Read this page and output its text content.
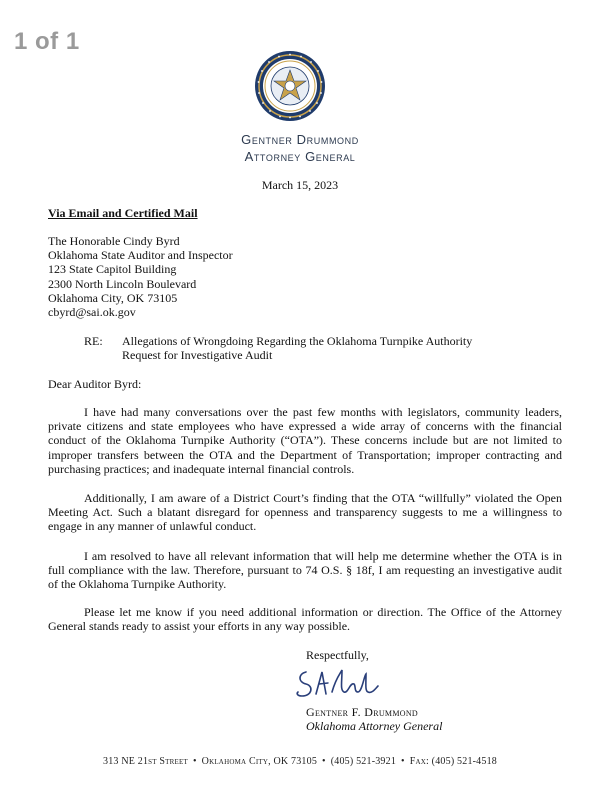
1 of 1
Gentner Drummond
Attorney General
March 15, 2023
Via Email and Certified Mail
The Honorable Cindy Byrd
Oklahoma State Auditor and Inspector
123 State Capitol Building
2300 North Lincoln Boulevard
Oklahoma City, OK 73105
cbyrd@sai.ok.gov
RE: Allegations of Wrongdoing Regarding the Oklahoma Turnpike Authority
Request for Investigative Audit
Dear Auditor Byrd:
I have had many conversations over the past few months with legislators, community leaders, private citizens and state employees who have expressed a wide array of concerns with the financial conduct of the Oklahoma Turnpike Authority (“OTA”). These concerns include but are not limited to improper transfers between the OTA and the Department of Transportation; improper contracting and purchasing practices; and inadequate internal financial controls.
Additionally, I am aware of a District Court’s finding that the OTA “willfully” violated the Open Meeting Act. Such a blatant disregard for openness and transparency suggests to me a willingness to engage in any manner of unlawful conduct.
I am resolved to have all relevant information that will help me determine whether the OTA is in full compliance with the law. Therefore, pursuant to 74 O.S. § 18f, I am requesting an investigative audit of the Oklahoma Turnpike Authority.
Please let me know if you need additional information or direction. The Office of the Attorney General stands ready to assist your efforts in any way possible.
Respectfully,
Gentner F. Drummond
Oklahoma Attorney General
313 NE 21st Street • Oklahoma City, OK 73105 • (405) 521-3921 • Fax: (405) 521-4518
